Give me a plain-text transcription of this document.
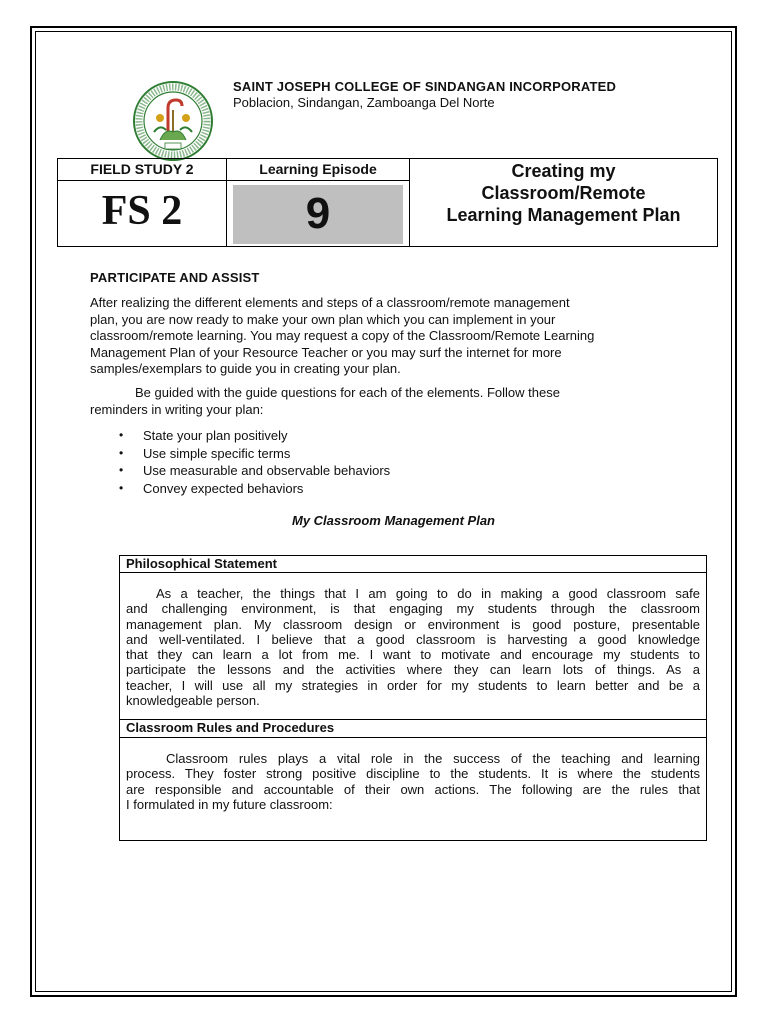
SAINT JOSEPH COLLEGE OF SINDANGAN INCORPORATED
Poblacion, Sindangan, Zamboanga Del Norte
FIELD STUDY 2
FS 2
Learning Episode
9
Creating my
Classroom/Remote
Learning Management Plan
PARTICIPATE AND ASSIST
After realizing the different elements and steps of a classroom/remote management
plan, you are now ready to make your own plan which you can implement in your
classroom/remote learning. You may request a copy of the Classroom/Remote Learning
Management Plan of your Resource Teacher or you may surf the internet for more
samples/exemplars to guide you in creating your plan.
Be guided with the guide questions for each of the elements. Follow these
reminders in writing your plan:
• State your plan positively
• Use simple specific terms
• Use measurable and observable behaviors
• Convey expected behaviors
My Classroom Management Plan
Philosophical Statement
As a teacher, the things that I am going to do in making a good classroom safe
and challenging environment, is that engaging my students through the classroom
management plan. My classroom design or environment is good posture, presentable
and well-ventilated. I believe that a good classroom is harvesting a good knowledge
that they can learn a lot from me. I want to motivate and encourage my students to
participate the lessons and the activities where they can learn lots of things. As a
teacher, I will use all my strategies in order for my students to learn better and be a
knowledgeable person.
Classroom Rules and Procedures
Classroom rules plays a vital role in the success of the teaching and learning
process. They foster strong positive discipline to the students. It is where the students
are responsible and accountable of their own actions. The following are the rules that
I formulated in my future classroom:
